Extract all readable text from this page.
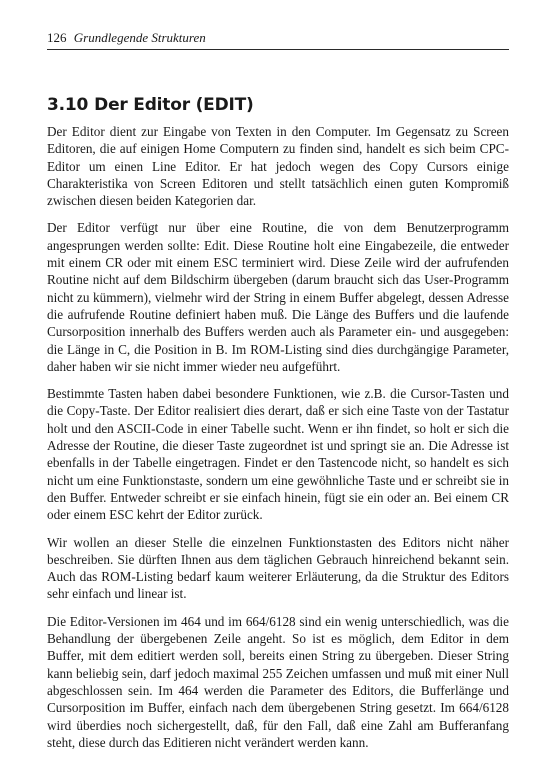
126 Grundlegende Strukturen
3.10 Der Editor (EDIT)

Der Editor dient zur Eingabe von Texten in den Computer. Im Gegensatz zu Screen Editoren, die auf einigen Home Computern zu finden sind, handelt es sich beim CPC-Editor um einen Line Editor. Er hat jedoch wegen des Copy Cursors einige Charakteristika von Screen Editoren und stellt tatsächlich einen guten Kompromiß zwischen diesen beiden Kategorien dar.

Der Editor verfügt nur über eine Routine, die von dem Benutzerprogramm angesprungen werden sollte: Edit. Diese Routine holt eine Eingabezeile, die entweder mit einem CR oder mit einem ESC terminiert wird. Diese Zeile wird der aufrufenden Routine nicht auf dem Bildschirm übergeben (darum braucht sich das User-Programm nicht zu kümmern), vielmehr wird der String in einem Buffer abgelegt, dessen Adresse die aufrufende Routine definiert haben muß. Die Länge des Buffers und die laufende Cursorposition innerhalb des Buffers werden auch als Parameter ein- und ausgegeben: die Länge in C, die Position in B. Im ROM-Listing sind dies durchgängige Parameter, daher haben wir sie nicht immer wieder neu aufgeführt.

Bestimmte Tasten haben dabei besondere Funktionen, wie z.B. die Cursor-Tasten und die Copy-Taste. Der Editor realisiert dies derart, daß er sich eine Taste von der Tastatur holt und den ASCII-Code in einer Tabelle sucht. Wenn er ihn findet, so holt er sich die Adresse der Routine, die dieser Taste zugeordnet ist und springt sie an. Die Adresse ist ebenfalls in der Tabelle eingetragen. Findet er den Tastencode nicht, so handelt es sich nicht um eine Funktionstaste, sondern um eine gewöhnliche Taste und er schreibt sie in den Buffer. Entweder schreibt er sie einfach hinein, fügt sie ein oder an. Bei einem CR oder einem ESC kehrt der Editor zurück.

Wir wollen an dieser Stelle die einzelnen Funktionstasten des Editors nicht näher beschreiben. Sie dürften Ihnen aus dem täglichen Gebrauch hinreichend bekannt sein. Auch das ROM-Listing bedarf kaum weiterer Erläuterung, da die Struktur des Editors sehr einfach und linear ist.

Die Editor-Versionen im 464 und im 664/6128 sind ein wenig unterschiedlich, was die Behandlung der übergebenen Zeile angeht. So ist es möglich, dem Editor in dem Buffer, mit dem editiert werden soll, bereits einen String zu übergeben. Dieser String kann beliebig sein, darf jedoch maximal 255 Zeichen umfassen und muß mit einer Null abgeschlossen sein. Im 464 werden die Parameter des Editors, die Bufferlänge und Cursorposition im Buffer, einfach nach dem übergebenen String gesetzt. Im 664/6128 wird überdies noch sichergestellt, daß, für den Fall, daß eine Zahl am Bufferanfang steht, diese durch das Editieren nicht verändert werden kann.
